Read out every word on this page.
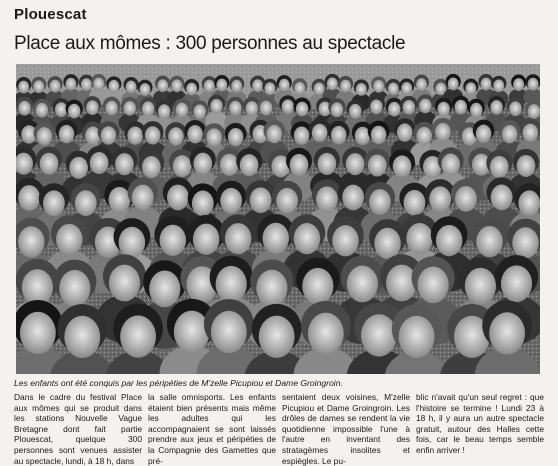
Plouescat
Place aux mômes : 300 personnes au spectacle
Les enfants ont été conquis par les péripéties de M'zelle Picupiou et Dame Groingroin.

Dans le cadre du festival Place aux mômes qui se produit dans les stations Nouvelle Vague Bretagne dont fait partie Plouescat, quelque 300 personnes sont venues assister au spectacle, lundi, à 18 h, dans

la salle omnisports. Les enfants étaient bien présents mais même les adultes qui les accompagnaient se sont laissés prendre aux jeux et péripéties de la Compagnie des Gamettes que pré-

sentaient deux voisines, M'zelle Picupiou et Dame Groingroin. Les drôles de dames se rendent la vie quotidienne impossible l'une à l'autre en inventant des stratagèmes insolites et espiègles. Le pu-

blic n'avait qu'un seul regret : que l'histoire se termine ! Lundi 23 à 18 h, il y aura un autre spectacle gratuit, autour des Halles cette fois, car le beau temps semble enfin arriver !
